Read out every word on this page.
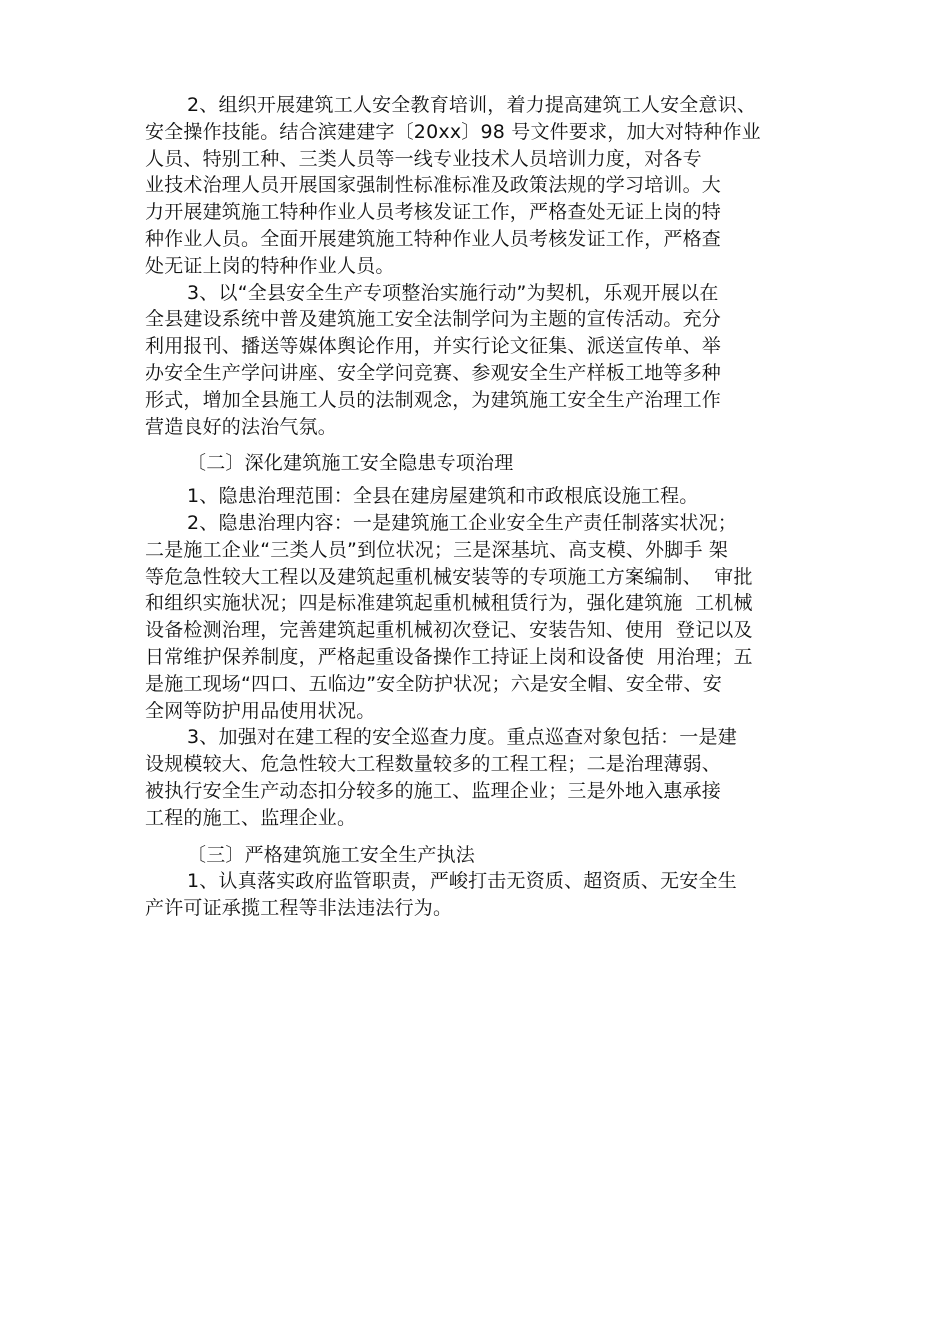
2、组织开展建筑工人安全教育培训，着力提高建筑工人安全意识、
安全操作技能。结合滨建建字〔20xx〕98 号文件要求，加大对特种作业
人员、特别工种、三类人员等一线专业技术人员培训力度，对各专
业技术治理人员开展国家强制性标准标准及政策法规的学习培训。大
力开展建筑施工特种作业人员考核发证工作，严格查处无证上岗的特
种作业人员。全面开展建筑施工特种作业人员考核发证工作，严格查
处无证上岗的特种作业人员。
3、以“全县安全生产专项整治实施行动”为契机，乐观开展以在
全县建设系统中普及建筑施工安全法制学问为主题的宣传活动。充分
利用报刊、播送等媒体舆论作用，并实行论文征集、派送宣传单、举
办安全生产学问讲座、安全学问竞赛、参观安全生产样板工地等多种
形式，增加全县施工人员的法制观念，为建筑施工安全生产治理工作
营造良好的法治气氛。
〔二〕深化建筑施工安全隐患专项治理
1、隐患治理范围：全县在建房屋建筑和市政根底设施工程。
2、隐患治理内容：一是建筑施工企业安全生产责任制落实状况；
二是施工企业“三类人员”到位状况；三是深基坑、高支模、外脚手 架
等危急性较大工程以及建筑起重机械安装等的专项施工方案编制、  审批
和组织实施状况；四是标准建筑起重机械租赁行为，强化建筑施  工机械
设备检测治理，完善建筑起重机械初次登记、安装告知、使用  登记以及
日常维护保养制度，严格起重设备操作工持证上岗和设备使  用治理；五
是施工现场“四口、五临边”安全防护状况；六是安全帽、安全带、安
全网等防护用品使用状况。
3、加强对在建工程的安全巡查力度。重点巡查对象包括：一是建
设规模较大、危急性较大工程数量较多的工程工程；二是治理薄弱、
被执行安全生产动态扣分较多的施工、监理企业；三是外地入惠承接
工程的施工、监理企业。
〔三〕严格建筑施工安全生产执法
1、认真落实政府监管职责，严峻打击无资质、超资质、无安全生
产许可证承揽工程等非法违法行为。
